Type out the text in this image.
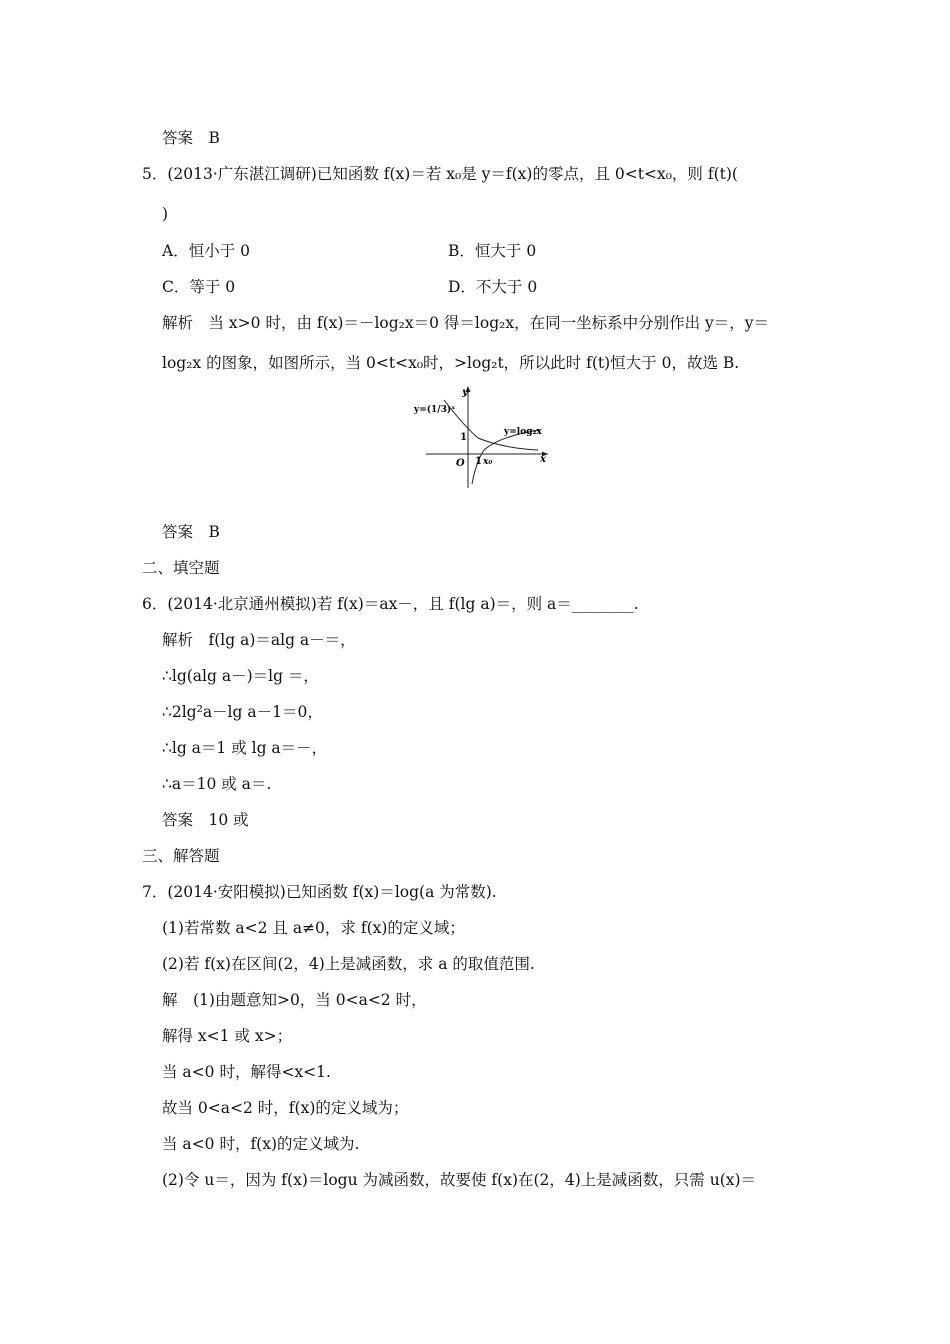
答案　B
5．(2013·广东湛江调研)已知函数 f(x)＝若 x₀是 y＝f(x)的零点，且 0<t<x₀，则 f(t)(
)
A．恒小于 0	B．恒大于 0
C．等于 0	D．不大于 0
解析　当 x>0 时，由 f(x)＝－log₂x＝0 得＝log₂x，在同一坐标系中分别作出 y＝，y＝
log₂x 的图象，如图所示，当 0<t<x₀时，>log₂t，所以此时 f(t)恒大于 0，故选 B.
y
x
O
1
1 x₀
y=(1/3)ˣ
y=log₂x
答案　B
二、填空题
6．(2014·北京通州模拟)若 f(x)＝ax－，且 f(lg a)＝，则 a＝________.
解析　f(lg a)＝alg a－＝，
∴lg(alg a－)＝lg ＝，
∴2lg²a－lg a－1＝0，
∴lg a＝1 或 lg a＝－，
∴a＝10 或 a＝.
答案　10 或
三、解答题
7．(2014·安阳模拟)已知函数 f(x)＝log(a 为常数).
(1)若常数 a<2 且 a≠0，求 f(x)的定义域；
(2)若 f(x)在区间(2，4)上是减函数，求 a 的取值范围.
解　(1)由题意知>0，当 0<a<2 时，
解得 x<1 或 x>；
当 a<0 时，解得<x<1.
故当 0<a<2 时，f(x)的定义域为；
当 a<0 时，f(x)的定义域为.
(2)令 u＝，因为 f(x)＝logu 为减函数，故要使 f(x)在(2，4)上是减函数，只需 u(x)＝
